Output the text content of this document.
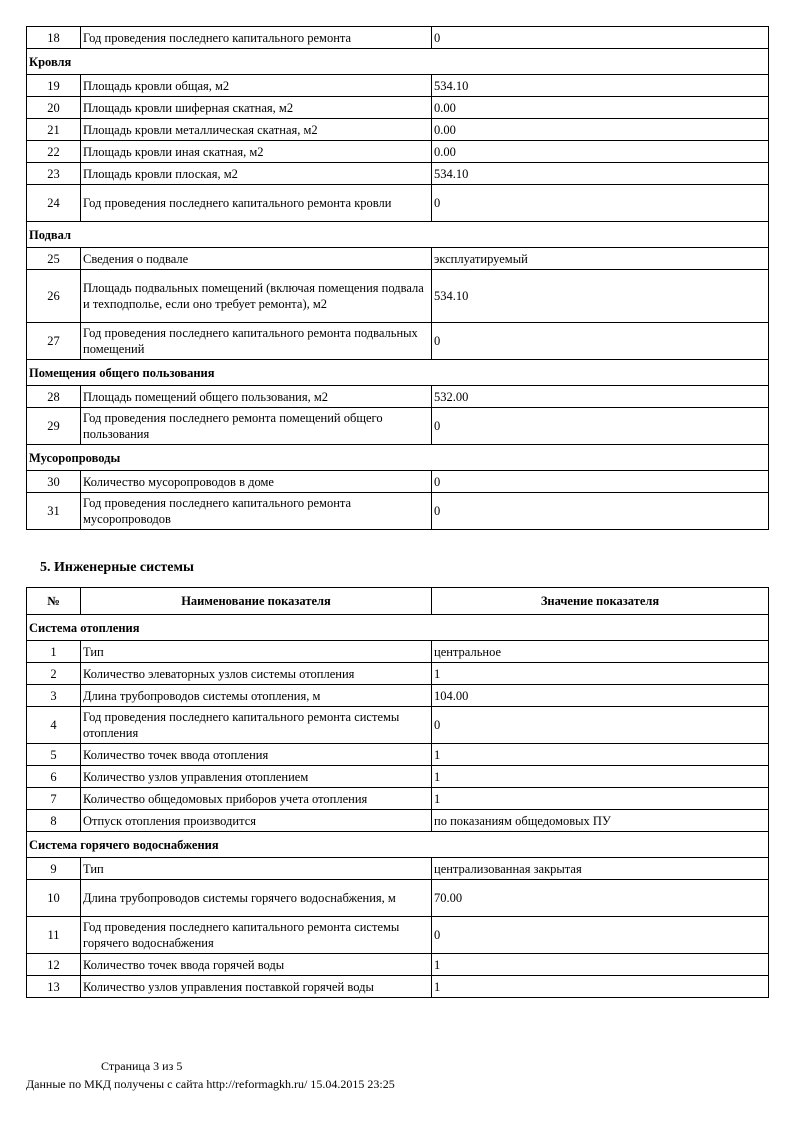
18	Год проведения последнего капитального ремонта	0
Кровля		
19	Площадь кровли общая, м2	534.10
20	Площадь кровли шиферная скатная, м2	0.00
21	Площадь кровли металлическая скатная, м2	0.00
22	Площадь кровли иная скатная, м2	0.00
23	Площадь кровли плоская, м2	534.10
24	Год проведения последнего капитального ремонта кровли	0
Подвал		
25	Сведения о подвале	эксплуатируемый
26	Площадь подвальных помещений (включая помещения подвала и техподполье, если оно требует ремонта), м2	534.10
27	Год проведения последнего капитального ремонта подвальных помещений	0
Помещения общего пользования		
28	Площадь помещений общего пользования, м2	532.00
29	Год проведения последнего ремонта помещений общего пользования	0
Мусоропроводы		
30	Количество мусоропроводов в доме	0
31	Год проведения последнего капитального ремонта мусоропроводов	0
5. Инженерные системы
№	Наименование показателя	Значение показателя
Система отопления		
1	Тип	центральное
2	Количество элеваторных узлов системы отопления	1
3	Длина трубопроводов системы отопления, м	104.00
4	Год проведения последнего капитального ремонта системы отопления	0
5	Количество точек ввода отопления	1
6	Количество узлов управления отоплением	1
7	Количество общедомовых приборов учета отопления	1
8	Отпуск отопления производится	по показаниям общедомовых ПУ
Система горячего водоснабжения		
9	Тип	централизованная закрытая
10	Длина трубопроводов системы горячего водоснабжения, м	70.00
11	Год проведения последнего капитального ремонта системы горячего водоснабжения	0
12	Количество точек ввода горячей воды	1
13	Количество узлов управления поставкой горячей воды	1
Страница 3 из 5
Данные по МКД получены с сайта http://reformagkh.ru/ 15.04.2015 23:25
